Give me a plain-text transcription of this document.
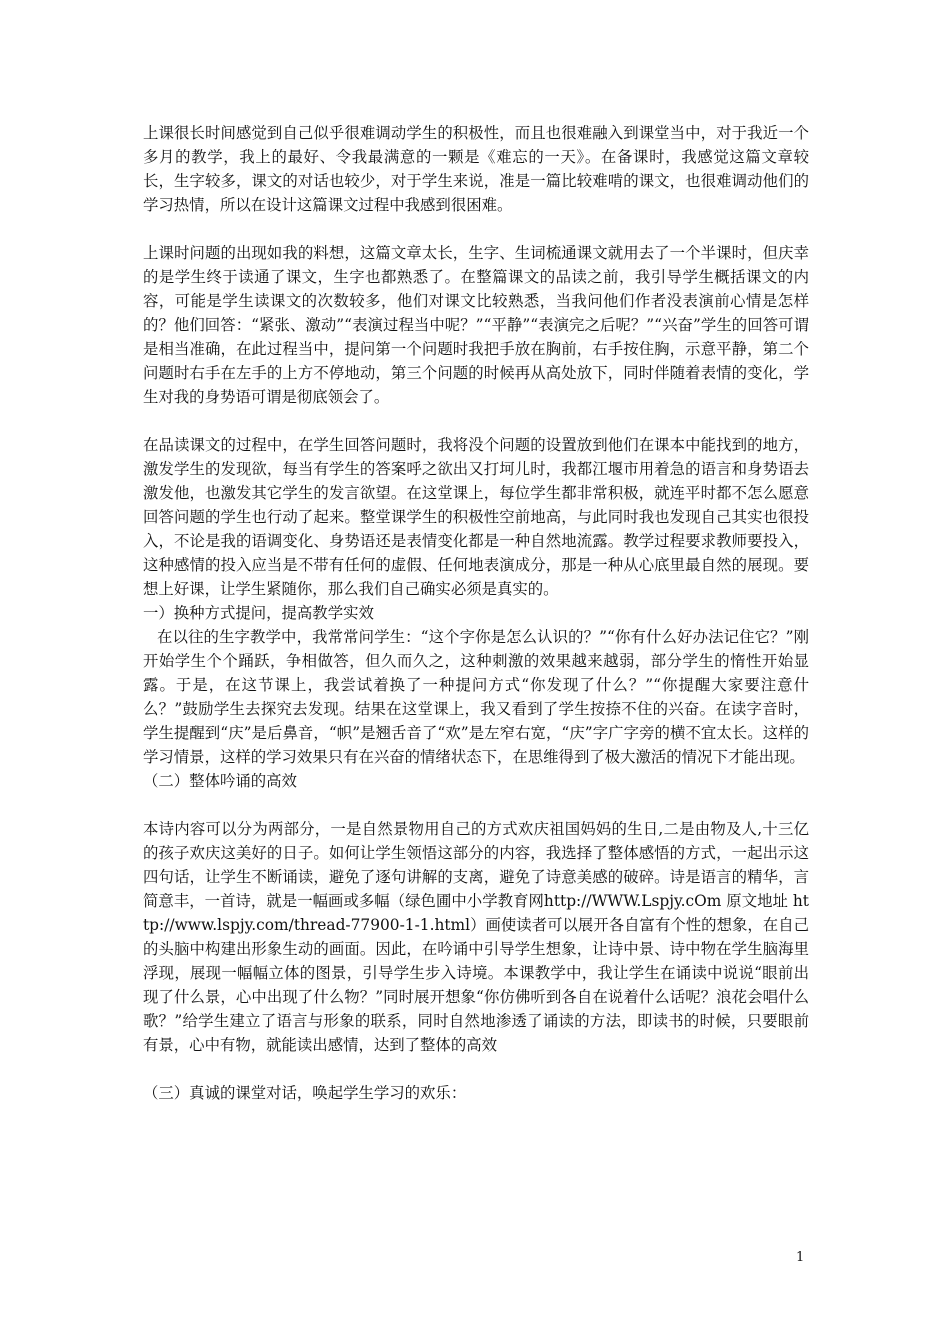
上课很长时间感觉到自己似乎很难调动学生的积极性，而且也很难融入到课堂当中，对于我近一个多月的教学，我上的最好、令我最满意的一颗是《难忘的一天》。在备课时，我感觉这篇文章较长，生字较多，课文的对话也较少，对于学生来说，准是一篇比较难啃的课文，也很难调动他们的学习热情，所以在设计这篇课文过程中我感到很困难。

上课时问题的出现如我的料想，这篇文章太长，生字、生词梳通课文就用去了一个半课时，但庆幸的是学生终于读通了课文，生字也都熟悉了。在整篇课文的品读之前，我引导学生概括课文的内容，可能是学生读课文的次数较多，他们对课文比较熟悉，当我问他们作者没表演前心情是怎样的？他们回答：“紧张、激动”“表演过程当中呢？”“平静”“表演完之后呢？”“兴奋”学生的回答可谓是相当准确，在此过程当中，提问第一个问题时我把手放在胸前，右手按住胸，示意平静，第二个问题时右手在左手的上方不停地动，第三个问题的时候再从高处放下，同时伴随着表情的变化，学生对我的身势语可谓是彻底领会了。

在品读课文的过程中，在学生回答问题时，我将没个问题的设置放到他们在课本中能找到的地方，激发学生的发现欲，每当有学生的答案呼之欲出又打坷儿时，我都江堰市用着急的语言和身势语去激发他，也激发其它学生的发言欲望。在这堂课上，每位学生都非常积极，就连平时都不怎么愿意回答问题的学生也行动了起来。整堂课学生的积极性空前地高，与此同时我也发现自己其实也很投入，不论是我的语调变化、身势语还是表情变化都是一种自然地流露。教学过程要求教师要投入，这种感情的投入应当是不带有任何的虚假、任何地表演成分，那是一种从心底里最自然的展现。要想上好课，让学生紧随你，那么我们自己确实必须是真实的。

一）换种方式提问，提高教学实效

在以往的生字教学中，我常常问学生：“这个字你是怎么认识的？”“你有什么好办法记住它？”刚开始学生个个踊跃，争相做答，但久而久之，这种刺激的效果越来越弱，部分学生的惰性开始显露。于是，在这节课上，我尝试着换了一种提问方式“你发现了什么？”“你提醒大家要注意什么？”鼓励学生去探究去发现。结果在这堂课上，我又看到了学生按捺不住的兴奋。在读字音时，学生提醒到“庆”是后鼻音，“帜”是翘舌音了“欢”是左窄右宽，“庆”字广字旁的横不宜太长。这样的学习情景，这样的学习效果只有在兴奋的情绪状态下，在思维得到了极大激活的情况下才能出现。

（二）整体吟诵的高效

本诗内容可以分为两部分，一是自然景物用自己的方式欢庆祖国妈妈的生日,二是由物及人,十三亿的孩子欢庆这美好的日子。如何让学生领悟这部分的内容，我选择了整体感悟的方式，一起出示这四句话，让学生不断诵读，避免了逐句讲解的支离，避免了诗意美感的破碎。诗是语言的精华，言简意丰，一首诗，就是一幅画或多幅（绿色圃中小学教育网http://WWW.Lspjy.cOm 原文地址 http://www.lspjy.com/thread-77900-1-1.html）画使读者可以展开各自富有个性的想象，在自己的头脑中构建出形象生动的画面。因此，在吟诵中引导学生想象，让诗中景、诗中物在学生脑海里浮现，展现一幅幅立体的图景，引导学生步入诗境。本课教学中，我让学生在诵读中说说“眼前出现了什么景，心中出现了什么物？”同时展开想象“你仿佛听到各自在说着什么话呢？浪花会唱什么歌？”给学生建立了语言与形象的联系，同时自然地渗透了诵读的方法，即读书的时候，只要眼前有景，心中有物，就能读出感情，达到了整体的高效

（三）真诚的课堂对话，唤起学生学习的欢乐：

1
